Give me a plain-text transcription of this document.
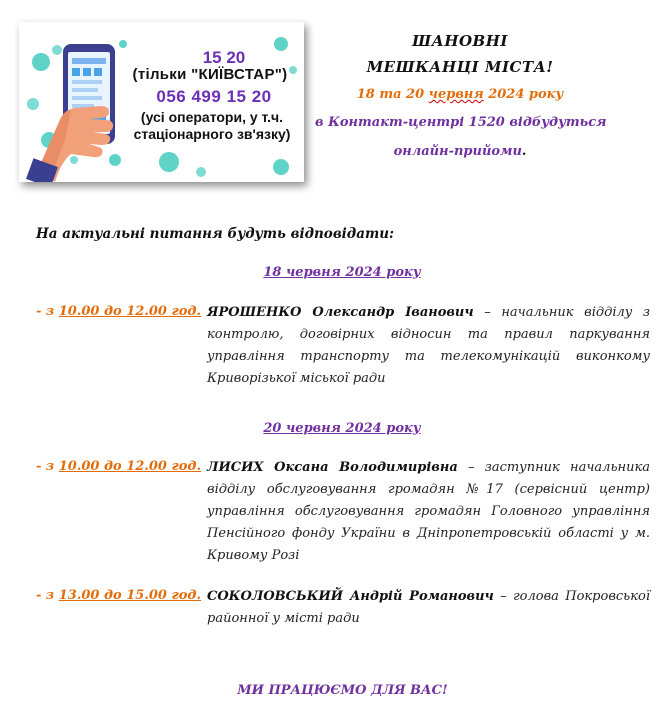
15 20
(тільки "КИЇВСТАР")
056 499 15 20
(усі оператори, у т.ч.
стаціонарного зв'язку)
ШАНОВНІ
МЕШКАНЦІ МІСТА!
18 та 20 червня 2024 року
в Контакт-центрі 1520 відбудуться
онлайн-прийоми.
На актуальні питання будуть відповідати:
18 червня 2024 року
- з 10.00 до 12.00 год. ЯРОШЕНКО Олександр Іванович – начальник відділу з контролю, договірних відносин та правил паркування управління транспорту та телекомунікацій виконкому Криворізької міської ради
20 червня 2024 року
- з 10.00 до 12.00 год. ЛИСИХ Оксана Володимирівна – заступник начальника відділу обслуговування громадян №17 (сервісний центр) управління обслуговування громадян Головного управління Пенсійного фонду України в Дніпропетровській області у м. Кривому Розі
- з 13.00 до 15.00 год. СОКОЛОВСЬКИЙ Андрій Романович – голова Покровської районної у місті ради
МИ ПРАЦЮЄМО ДЛЯ ВАС!
